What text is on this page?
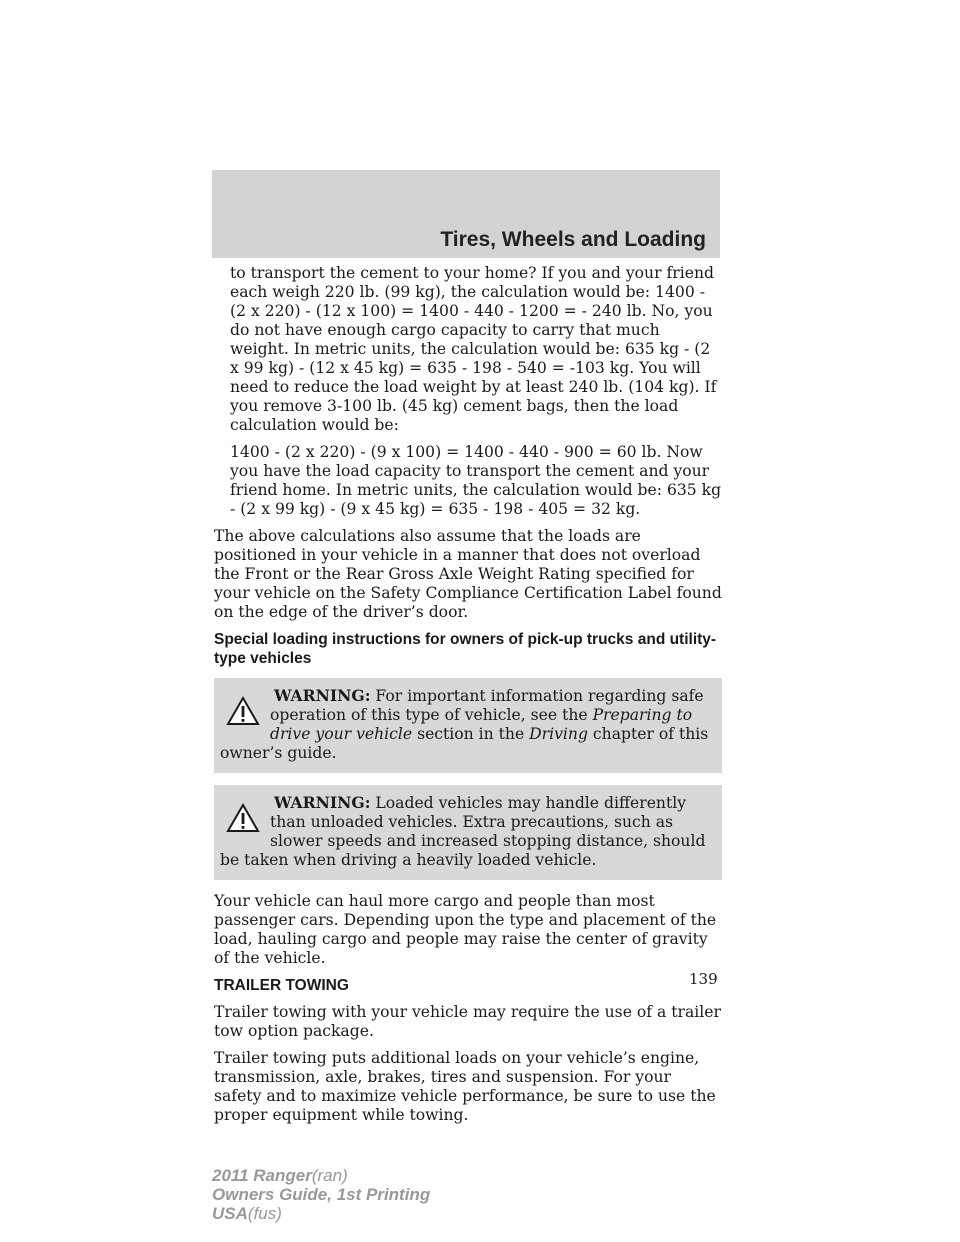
Tires, Wheels and Loading

to transport the cement to your home? If you and your friend each weigh 220 lb. (99 kg), the calculation would be: 1400 - (2 x 220) - (12 x 100) = 1400 - 440 - 1200 = - 240 lb. No, you do not have enough cargo capacity to carry that much weight. In metric units, the calculation would be: 635 kg - (2 x 99 kg) - (12 x 45 kg) = 635 - 198 - 540 = -103 kg. You will need to reduce the load weight by at least 240 lb. (104 kg). If you remove 3-100 lb. (45 kg) cement bags, then the load calculation would be:

1400 - (2 x 220) - (9 x 100) = 1400 - 440 - 900 = 60 lb. Now you have the load capacity to transport the cement and your friend home. In metric units, the calculation would be: 635 kg - (2 x 99 kg) - (9 x 45 kg) = 635 - 198 - 405 = 32 kg.

The above calculations also assume that the loads are positioned in your vehicle in a manner that does not overload the Front or the Rear Gross Axle Weight Rating specified for your vehicle on the Safety Compliance Certification Label found on the edge of the driver’s door.

Special loading instructions for owners of pick-up trucks and utility-type vehicles

WARNING: For important information regarding safe operation of this type of vehicle, see the Preparing to drive your vehicle section in the Driving chapter of this owner’s guide.

WARNING: Loaded vehicles may handle differently than unloaded vehicles. Extra precautions, such as slower speeds and increased stopping distance, should be taken when driving a heavily loaded vehicle.

Your vehicle can haul more cargo and people than most passenger cars. Depending upon the type and placement of the load, hauling cargo and people may raise the center of gravity of the vehicle.

TRAILER TOWING

Trailer towing with your vehicle may require the use of a trailer tow option package.

Trailer towing puts additional loads on your vehicle’s engine, transmission, axle, brakes, tires and suspension. For your safety and to maximize vehicle performance, be sure to use the proper equipment while towing.

139
2011 Ranger(ran)
Owners Guide, 1st Printing
USA(fus)
